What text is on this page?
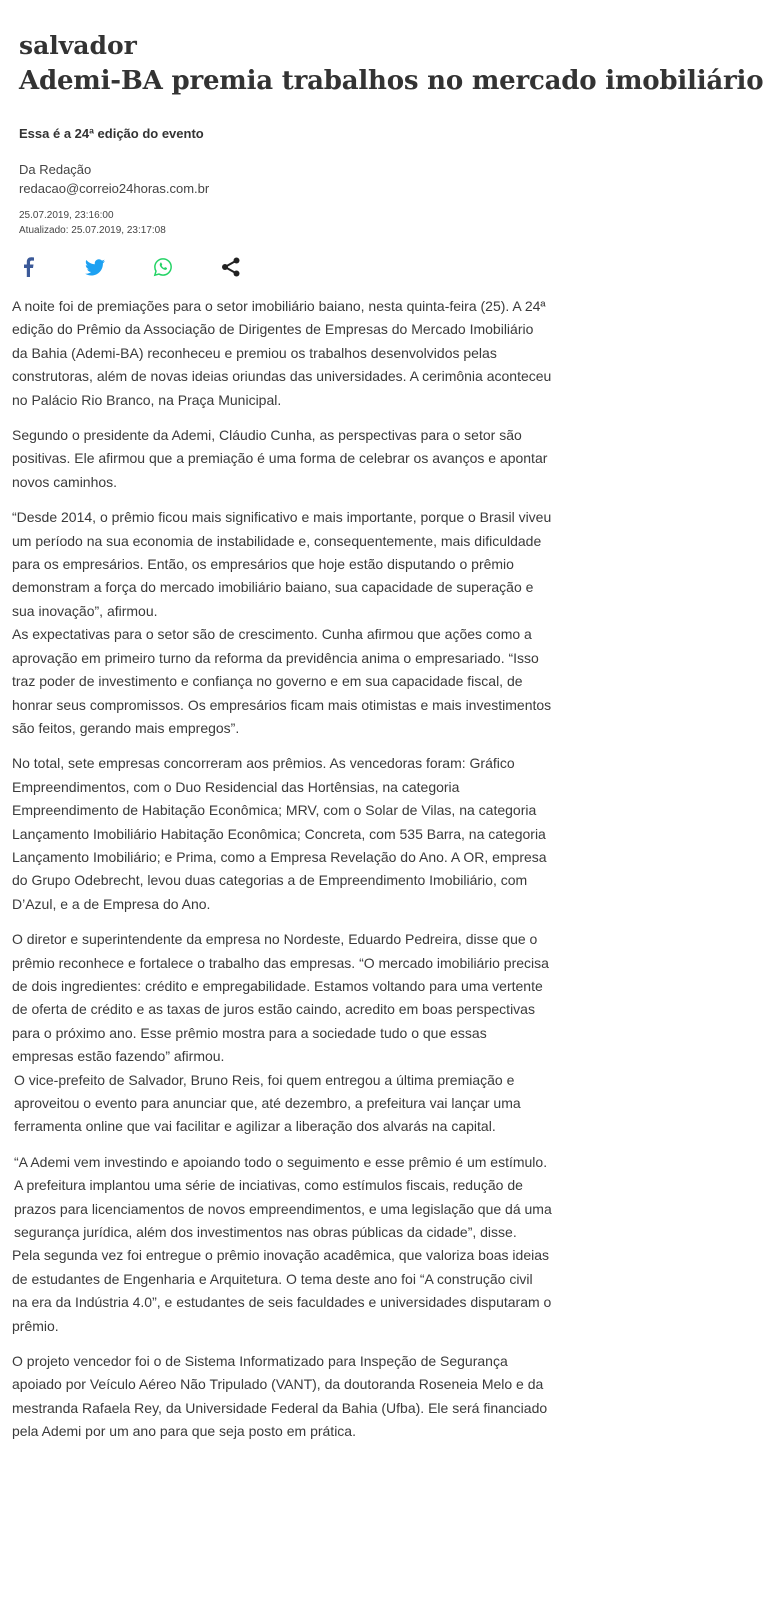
salvador
Ademi-BA premia trabalhos no mercado imobiliário
Essa é a 24ª edição do evento
Da Redação
redacao@correio24horas.com.br
25.07.2019, 23:16:00
Atualizado: 25.07.2019, 23:17:08

A noite foi de premiações para o setor imobiliário baiano, nesta quinta-feira (25). A 24ª edição do Prêmio da Associação de Dirigentes de Empresas do Mercado Imobiliário da Bahia (Ademi-BA) reconheceu e premiou os trabalhos desenvolvidos pelas construtoras, além de novas ideias oriundas das universidades. A cerimônia aconteceu no Palácio Rio Branco, na Praça Municipal.

Segundo o presidente da Ademi, Cláudio Cunha, as perspectivas para o setor são positivas. Ele afirmou que a premiação é uma forma de celebrar os avanços e apontar novos caminhos.

“Desde 2014, o prêmio ficou mais significativo e mais importante, porque o Brasil viveu um período na sua economia de instabilidade e, consequentemente, mais dificuldade para os empresários. Então, os empresários que hoje estão disputando o prêmio demonstram a força do mercado imobiliário baiano, sua capacidade de superação e sua inovação”, afirmou.

As expectativas para o setor são de crescimento. Cunha afirmou que ações como a aprovação em primeiro turno da reforma da previdência anima o empresariado. “Isso traz poder de investimento e confiança no governo e em sua capacidade fiscal, de honrar seus compromissos. Os empresários ficam mais otimistas e mais investimentos são feitos, gerando mais empregos”.

No total, sete empresas concorreram aos prêmios. As vencedoras foram: Gráfico Empreendimentos, com o Duo Residencial das Hortênsias, na categoria Empreendimento de Habitação Econômica; MRV, com o Solar de Vilas, na categoria Lançamento Imobiliário Habitação Econômica; Concreta, com 535 Barra, na categoria Lançamento Imobiliário; e Prima, como a Empresa Revelação do Ano. A OR, empresa do Grupo Odebrecht, levou duas categorias a de Empreendimento Imobiliário, com D’Azul, e a de Empresa do Ano.

O diretor e superintendente da empresa no Nordeste, Eduardo Pedreira, disse que o prêmio reconhece e fortalece o trabalho das empresas. “O mercado imobiliário precisa de dois ingredientes: crédito e empregabilidade. Estamos voltando para uma vertente de oferta de crédito e as taxas de juros estão caindo, acredito em boas perspectivas para o próximo ano. Esse prêmio mostra para a sociedade tudo o que essas empresas estão fazendo” afirmou.

O vice-prefeito de Salvador, Bruno Reis, foi quem entregou a última premiação e aproveitou o evento para anunciar que, até dezembro, a prefeitura vai lançar uma ferramenta online que vai facilitar e agilizar a liberação dos alvarás na capital.

“A Ademi vem investindo e apoiando todo o seguimento e esse prêmio é um estímulo. A prefeitura implantou uma série de inciativas, como estímulos fiscais, redução de prazos para licenciamentos de novos empreendimentos, e uma legislação que dá uma segurança jurídica, além dos investimentos nas obras públicas da cidade”, disse.

Pela segunda vez foi entregue o prêmio inovação acadêmica, que valoriza boas ideias de estudantes de Engenharia e Arquitetura. O tema deste ano foi “A construção civil na era da Indústria 4.0”, e estudantes de seis faculdades e universidades disputaram o prêmio.

O projeto vencedor foi o de Sistema Informatizado para Inspeção de Segurança apoiado por Veículo Aéreo Não Tripulado (VANT), da doutoranda Roseneia Melo e da mestranda Rafaela Rey, da Universidade Federal da Bahia (Ufba). Ele será financiado pela Ademi por um ano para que seja posto em prática.
